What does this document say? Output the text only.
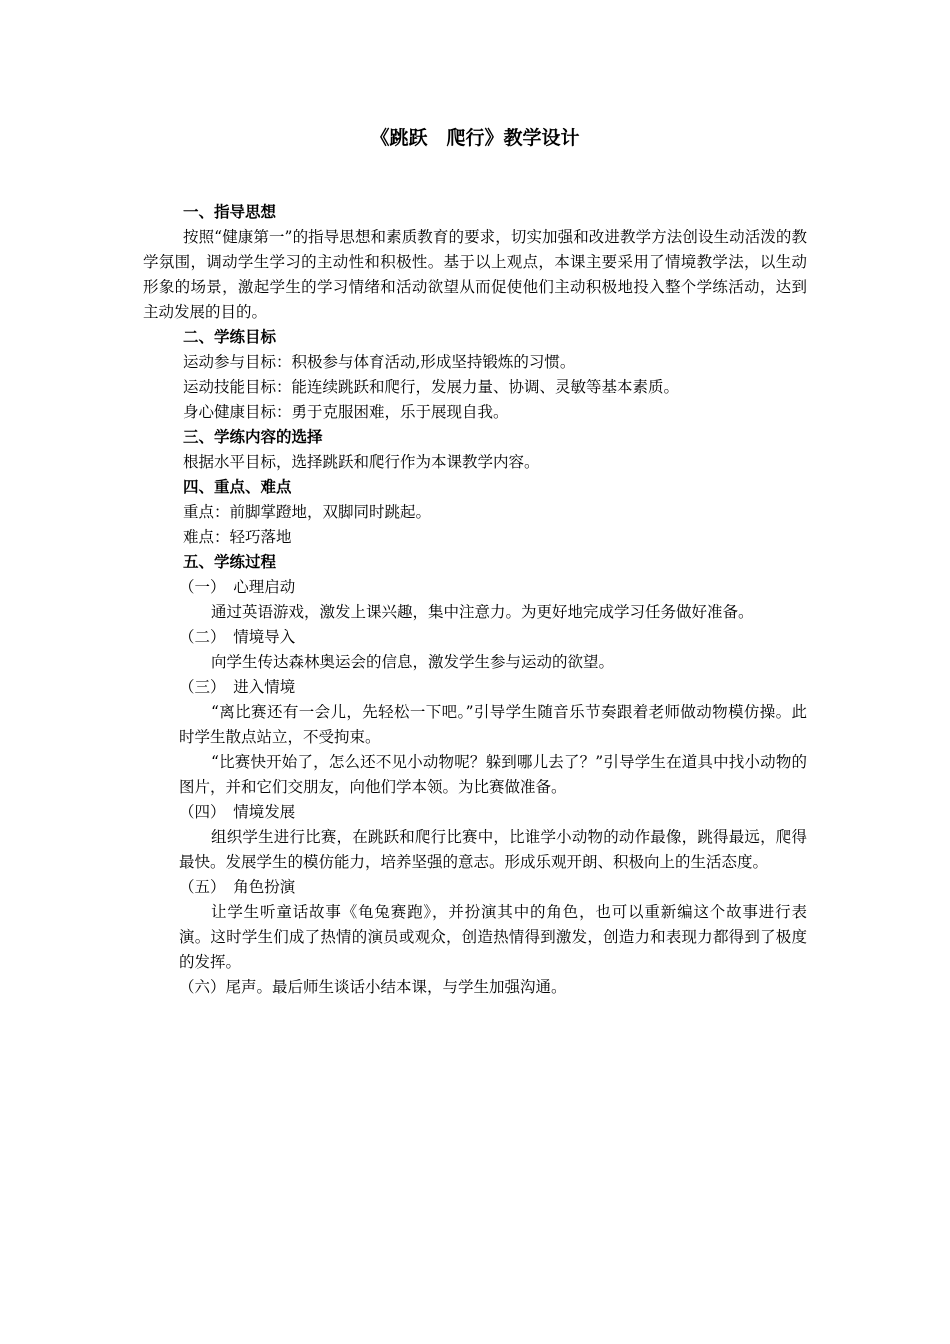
《跳跃　爬行》教学设计
一、指导思想
按照“健康第一”的指导思想和素质教育的要求，切实加强和改进教学方法创设生动活泼的教学氛围，调动学生学习的主动性和积极性。基于以上观点，本课主要采用了情境教学法，以生动形象的场景，激起学生的学习情绪和活动欲望从而促使他们主动积极地投入整个学练活动，达到主动发展的目的。
二、学练目标
运动参与目标：积极参与体育活动,形成坚持锻炼的习惯。
运动技能目标：能连续跳跃和爬行，发展力量、协调、灵敏等基本素质。
身心健康目标：勇于克服困难，乐于展现自我。
三、学练内容的选择
根据水平目标，选择跳跃和爬行作为本课教学内容。
四、重点、难点
重点：前脚掌蹬地，双脚同时跳起。
难点：轻巧落地
五、学练过程
（一）　心理启动
通过英语游戏，激发上课兴趣，集中注意力。为更好地完成学习任务做好准备。
（二）　情境导入
向学生传达森林奥运会的信息，激发学生参与运动的欲望。
（三）　进入情境
“离比赛还有一会儿，先轻松一下吧。”引导学生随音乐节奏跟着老师做动物模仿操。此时学生散点站立，不受拘束。
“比赛快开始了，怎么还不见小动物呢？躲到哪儿去了？”引导学生在道具中找小动物的图片，并和它们交朋友，向他们学本领。为比赛做准备。
（四）　情境发展
组织学生进行比赛，在跳跃和爬行比赛中，比谁学小动物的动作最像，跳得最远，爬得最快。发展学生的模仿能力，培养坚强的意志。形成乐观开朗、积极向上的生活态度。
（五）　角色扮演
让学生听童话故事《龟兔赛跑》，并扮演其中的角色，也可以重新编这个故事进行表演。这时学生们成了热情的演员或观众，创造热情得到激发，创造力和表现力都得到了极度的发挥。
（六）尾声。最后师生谈话小结本课，与学生加强沟通。
